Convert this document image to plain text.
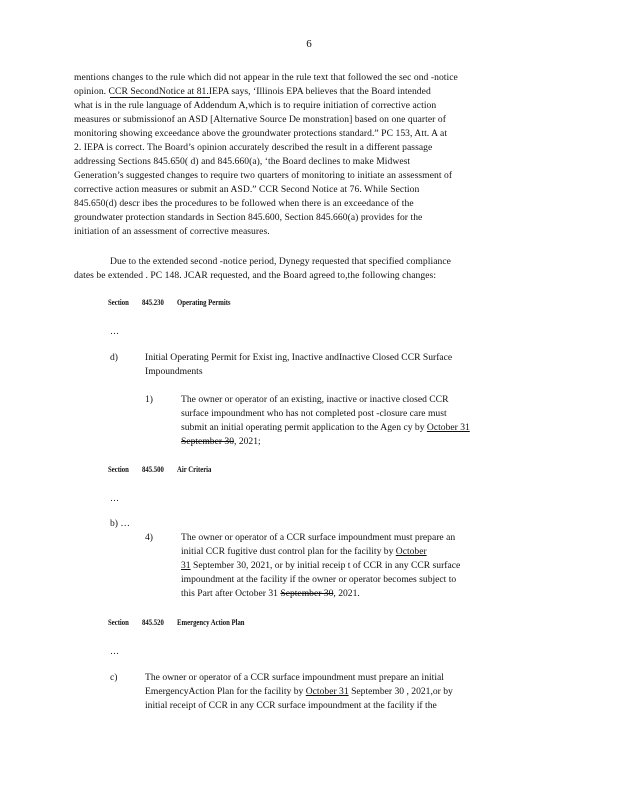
6
mentions changes to the rule which did not appear in the rule text that followed the sec ond -notice
opinion. CCR SecondNotice at 81.IEPA says, ‘Illinois EPA believes that the Board intended
what is in the rule language of Addendum A,which is to require initiation of corrective action
measures or submissionof an ASD [Alternative Source De monstration] based on one quarter of
monitoring showing exceedance above the groundwater protections standard.” PC 153, Att. A at
2. IEPA is correct. The Board’s opinion accurately described the result in a different passage
addressing Sections 845.650( d) and 845.660(a), ‘the Board declines to make Midwest
Generation’s suggested changes to require two quarters of monitoring to initiate an assessment of
corrective action measures or submit an ASD.” CCR Second Notice at 76. While Section
845.650(d) descr ibes the procedures to be followed when there is an exceedance of the
groundwater protection standards in Section 845.600, Section 845.660(a) provides for the
initiation of an assessment of corrective measures.
Due to the extended second -notice period, Dynegy requested that specified compliance
dates be extended . PC 148. JCAR requested, and the Board agreed to,the following changes:
Section 845.230 Operating Permits
…
d)	Initial Operating Permit for Exist ing, Inactive andInactive Closed CCR Surface
Impoundments
1)	The owner or operator of an existing, inactive or inactive closed CCR
surface impoundment who has not completed post -closure care must
submit an initial operating permit application to the Agen cy by October 31
September 30, 2021;
Section 845.500 Air Criteria
…
b) …
4)	The owner or operator of a CCR surface impoundment must prepare an
initial CCR fugitive dust control plan for the facility by October
31 September 30, 2021, or by initial receip t of CCR in any CCR surface
impoundment at the facility if the owner or operator becomes subject to
this Part after October 31 September 30, 2021.
Section 845.520 Emergency Action Plan
…
c)	The owner or operator of a CCR surface impoundment must prepare an initial
EmergencyAction Plan for the facility by October 31 September 30 , 2021,or by
initial receipt of CCR in any CCR surface impoundment at the facility if the
